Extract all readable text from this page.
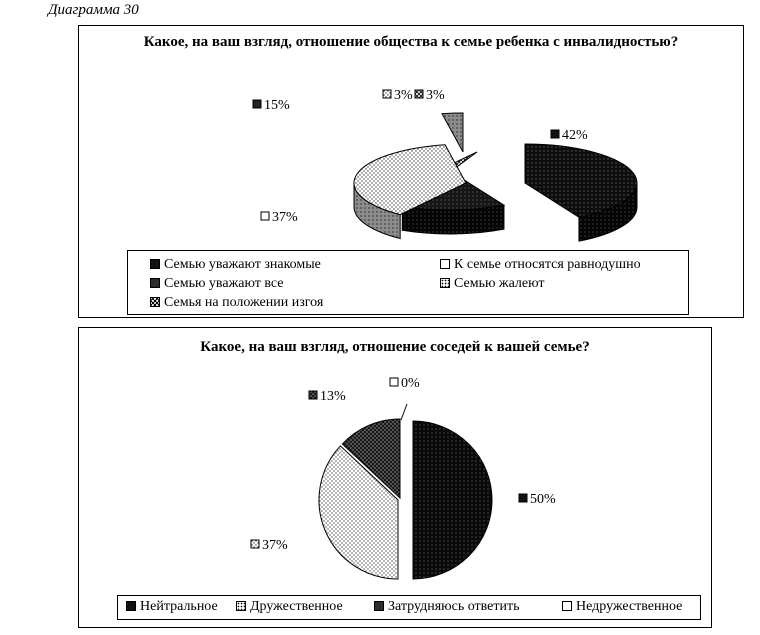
Диаграмма 30
Какое, на ваш взгляд, отношение общества к семье ребенка с инвалидностью?
42%
15%
3%
37%
3%
Семью уважают знакомые
Семью уважают все
Семья на положении изгоя
К семье относятся равнодушно
Семью жалеют
Какое, на ваш взгляд, отношение соседей к вашей семье?
50%
37%
13%
0%
Нейтральное	Дружественное	Затрудняюсь ответить	Недружественное
